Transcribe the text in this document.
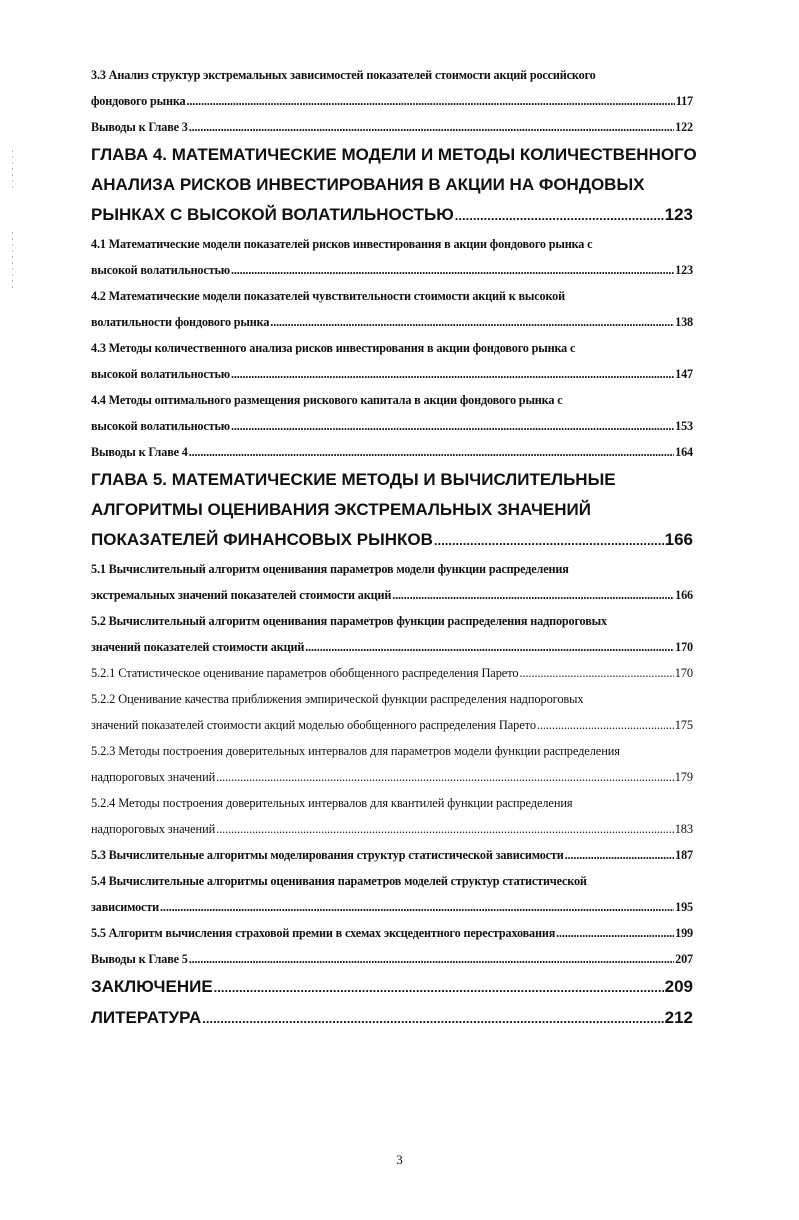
3.3 Анализ структур экстремальных зависимостей показателей стоимости акций российского
фондового рынка .....	117
Выводы к Главе 3 .....	122
ГЛАВА 4. МАТЕМАТИЧЕСКИЕ МОДЕЛИ И МЕТОДЫ КОЛИЧЕСТВЕННОГО
АНАЛИЗА РИСКОВ ИНВЕСТИРОВАНИЯ В АКЦИИ НА ФОНДОВЫХ
РЫНКАХ С ВЫСОКОЙ ВОЛАТИЛЬНОСТЬЮ .....	123
4.1 Математические модели показателей рисков инвестирования в акции фондового рынка с
высокой волатильностью .....	123
4.2 Математические модели показателей чувствительности стоимости акций к высокой
волатильности фондового рынка .....	138
4.3 Методы количественного анализа рисков инвестирования в акции фондового рынка с
высокой волатильностью .....	147
4.4 Методы оптимального размещения рискового капитала в акции фондового рынка с
высокой волатильностью .....	153
Выводы к Главе 4 .....	164
ГЛАВА 5. МАТЕМАТИЧЕСКИЕ МЕТОДЫ И ВЫЧИСЛИТЕЛЬНЫЕ
АЛГОРИТМЫ ОЦЕНИВАНИЯ ЭКСТРЕМАЛЬНЫХ ЗНАЧЕНИЙ
ПОКАЗАТЕЛЕЙ ФИНАНСОВЫХ РЫНКОВ .....	166
5.1 Вычислительный алгоритм оценивания параметров модели функции распределения
экстремальных значений показателей стоимости акций .....	166
5.2 Вычислительный алгоритм оценивания параметров функции распределения надпороговых
значений показателей стоимости акций .....	170
5.2.1 Статистическое оценивание параметров обобщенного распределения Парето .....	170
5.2.2 Оценивание качества приближения эмпирической функции распределения надпороговых
значений показателей стоимости акций моделью обобщенного распределения Парето .....	175
5.2.3 Методы построения доверительных интервалов для параметров модели функции распределения
надпороговых значений .....	179
5.2.4 Методы построения доверительных интервалов для квантилей функции распределения
надпороговых значений .....	183
5.3 Вычислительные алгоритмы моделирования структур статистической зависимости .....	187
5.4 Вычислительные алгоритмы оценивания параметров моделей структур статистической
зависимости .....	195
5.5 Алгоритм вычисления страховой премии в схемах эксцедентного перестрахования .....	199
Выводы к Главе 5 .....	207
ЗАКЛЮЧЕНИЕ .....	209
ЛИТЕРАТУРА .....	212
3
